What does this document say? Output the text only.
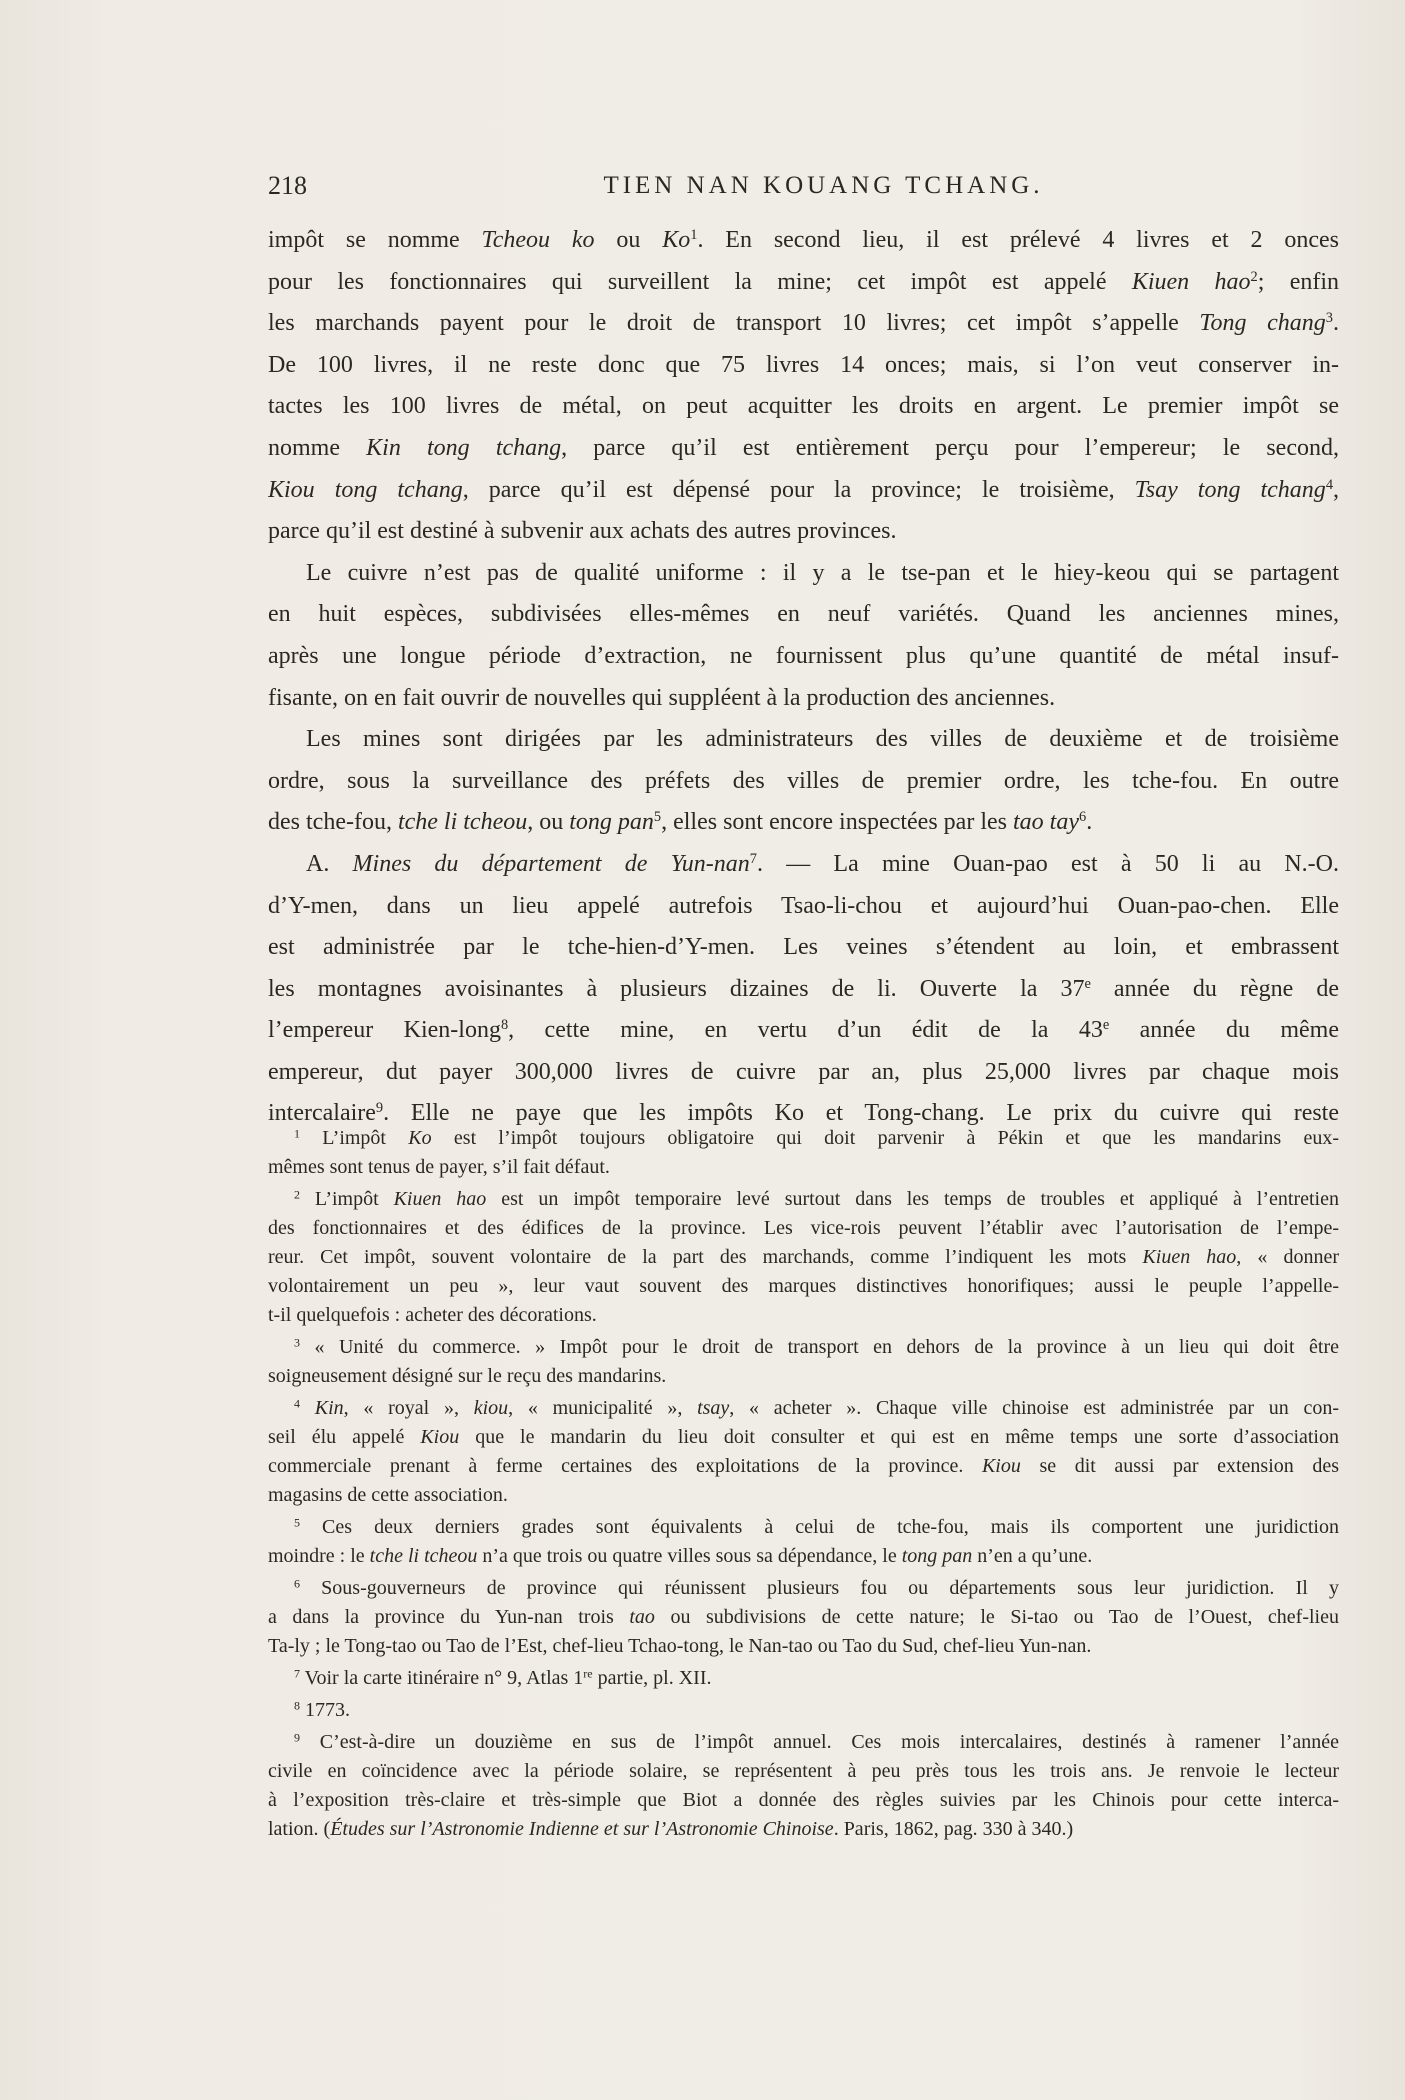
218	TIEN NAN KOUANG TCHANG.
impôt se nomme Tcheou ko ou Ko$^1$. En second lieu, il est prélevé 4 livres et 2 onces
pour les fonctionnaires qui surveillent la mine; cet impôt est appelé Kiuen hao$^2$; enfin
les marchands payent pour le droit de transport 10 livres; cet impôt s’appelle Tong chang$^3$.
De 100 livres, il ne reste donc que 75 livres 14 onces; mais, si l’on veut conserver in-
tactes les 100 livres de métal, on peut acquitter les droits en argent. Le premier impôt se
nomme Kin tong tchang, parce qu’il est entièrement perçu pour l’empereur; le second,
Kiou tong tchang, parce qu’il est dépensé pour la province; le troisième, Tsay tong tchang$^4$,
parce qu’il est destiné à subvenir aux achats des autres provinces.
Le cuivre n’est pas de qualité uniforme : il y a le tse-pan et le hiey-keou qui se partagent
en huit espèces, subdivisées elles-mêmes en neuf variétés. Quand les anciennes mines,
après une longue période d’extraction, ne fournissent plus qu’une quantité de métal insuf-
fisante, on en fait ouvrir de nouvelles qui suppléent à la production des anciennes.
Les mines sont dirigées par les administrateurs des villes de deuxième et de troisième
ordre, sous la surveillance des préfets des villes de premier ordre, les tche-fou. En outre
des tche-fou, tche li tcheou, ou tong pan$^5$, elles sont encore inspectées par les tao tay$^6$.
A. Mines du département de Yun-nan$^7$. — La mine Ouan-pao est à 50 li au N.-O.
d’Y-men, dans un lieu appelé autrefois Tsao-li-chou et aujourd’hui Ouan-pao-chen. Elle
est administrée par le tche-hien-d’Y-men. Les veines s’étendent au loin, et embrassent
les montagnes avoisinantes à plusieurs dizaines de li. Ouverte la 37e année du règne de
l’empereur Kien-long$^8$, cette mine, en vertu d’un édit de la 43e année du même
empereur, dut payer 300,000 livres de cuivre par an, plus 25,000 livres par chaque mois
intercalaire$^9$. Elle ne paye que les impôts Ko et Tong-chang. Le prix du cuivre qui reste
$^1$ L’impôt Ko est l’impôt toujours obligatoire qui doit parvenir à Pékin et que les mandarins eux-
mêmes sont tenus de payer, s’il fait défaut.
$^2$ L’impôt Kiuen hao est un impôt temporaire levé surtout dans les temps de troubles et appliqué à l’entretien
des fonctionnaires et des édifices de la province. Les vice-rois peuvent l’établir avec l’autorisation de l’empe-
reur. Cet impôt, souvent volontaire de la part des marchands, comme l’indiquent les mots Kiuen hao, « donner
volontairement un peu », leur vaut souvent des marques distinctives honorifiques; aussi le peuple l’appelle-
t-il quelquefois : acheter des décorations.
$^3$ « Unité du commerce. » Impôt pour le droit de transport en dehors de la province à un lieu qui doit être
soigneusement désigné sur le reçu des mandarins.
$^4$ Kin, « royal », kiou, « municipalité », tsay, « acheter ». Chaque ville chinoise est administrée par un con-
seil élu appelé Kiou que le mandarin du lieu doit consulter et qui est en même temps une sorte d’association
commerciale prenant à ferme certaines des exploitations de la province. Kiou se dit aussi par extension des
magasins de cette association.
$^5$ Ces deux derniers grades sont équivalents à celui de tche-fou, mais ils comportent une juridiction
moindre : le tche li tcheou n’a que trois ou quatre villes sous sa dépendance, le tong pan n’en a qu’une.
$^6$ Sous-gouverneurs de province qui réunissent plusieurs fou ou départements sous leur juridiction. Il y
a dans la province du Yun-nan trois tao ou subdivisions de cette nature; le Si-tao ou Tao de l’Ouest, chef-lieu
Ta-ly ; le Tong-tao ou Tao de l’Est, chef-lieu Tchao-tong, le Nan-tao ou Tao du Sud, chef-lieu Yun-nan.
$^7$ Voir la carte itinéraire n° 9, Atlas 1re partie, pl. XII.
$^8$ 1773.
$^9$ C’est-à-dire un douzième en sus de l’impôt annuel. Ces mois intercalaires, destinés à ramener l’année
civile en coïncidence avec la période solaire, se représentent à peu près tous les trois ans. Je renvoie le lecteur
à l’exposition très-claire et très-simple que Biot a donnée des règles suivies par les Chinois pour cette interca-
lation. (Études sur l’Astronomie Indienne et sur l’Astronomie Chinoise. Paris, 1862, pag. 330 à 340.)
